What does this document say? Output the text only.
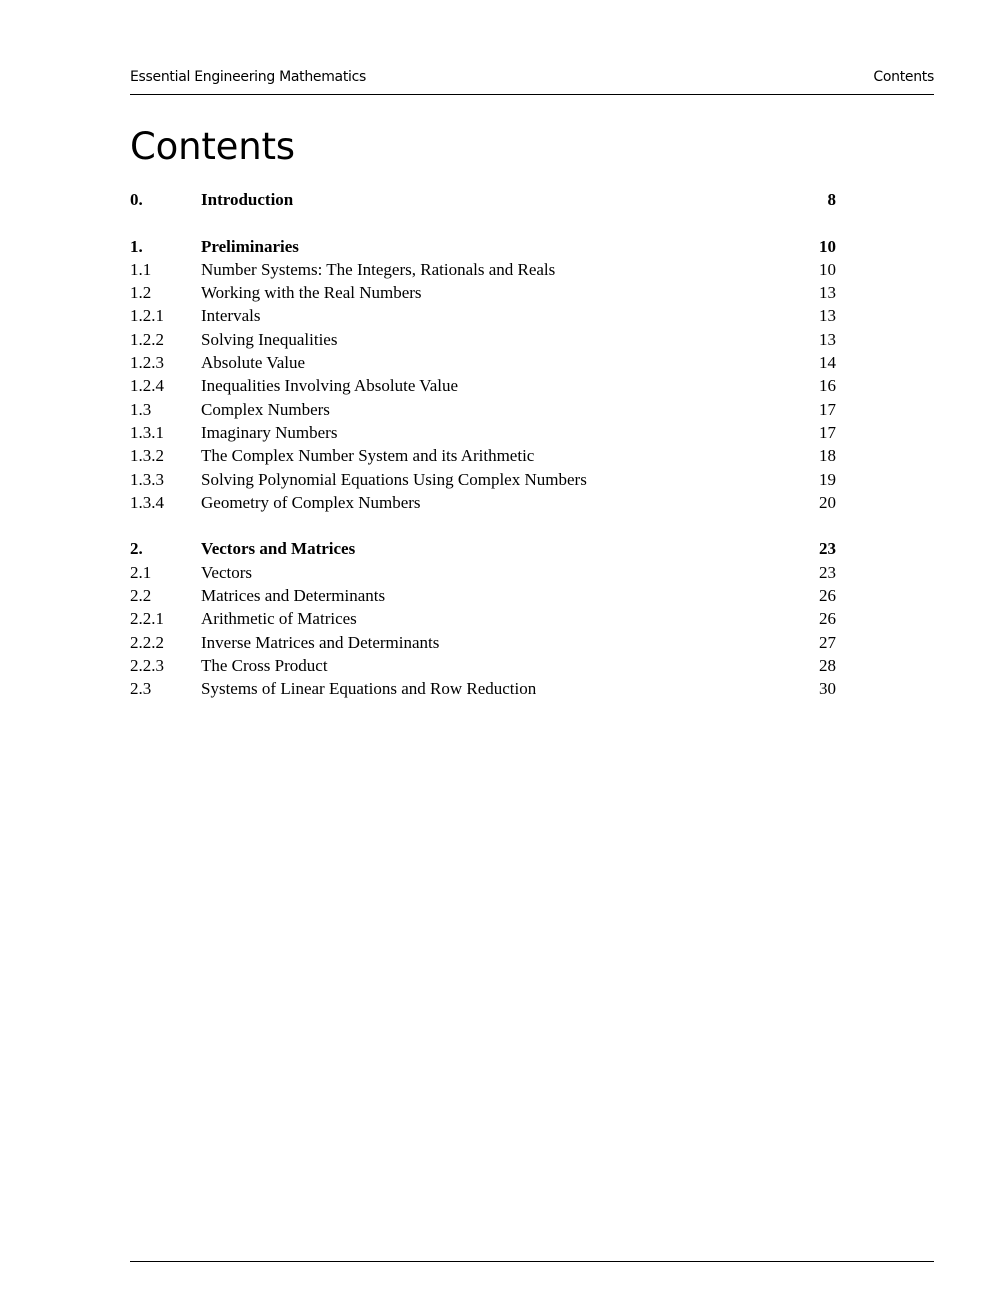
Essential Engineering Mathematics	Contents
Contents
0.	Introduction	8
1.	Preliminaries	10
1.1	Number Systems: The Integers, Rationals and Reals	10
1.2	Working with the Real Numbers	13
1.2.1 Intervals	13
1.2.2 Solving Inequalities	13
1.2.3 Absolute Value	14
1.2.4 Inequalities Involving Absolute Value	16
1.3	Complex Numbers	17
1.3.1 Imaginary Numbers	17
1.3.2 The Complex Number System and its Arithmetic	18
1.3.3 Solving Polynomial Equations Using Complex Numbers	19
1.3.4 Geometry of Complex Numbers	20
2.	Vectors and Matrices	23
2.1	Vectors	23
2.2	Matrices and Determinants	26
2.2.1 Arithmetic of Matrices	26
2.2.2 Inverse Matrices and Determinants	27
2.2.3 The Cross Product	28
2.3	Systems of Linear Equations and Row Reduction	30
